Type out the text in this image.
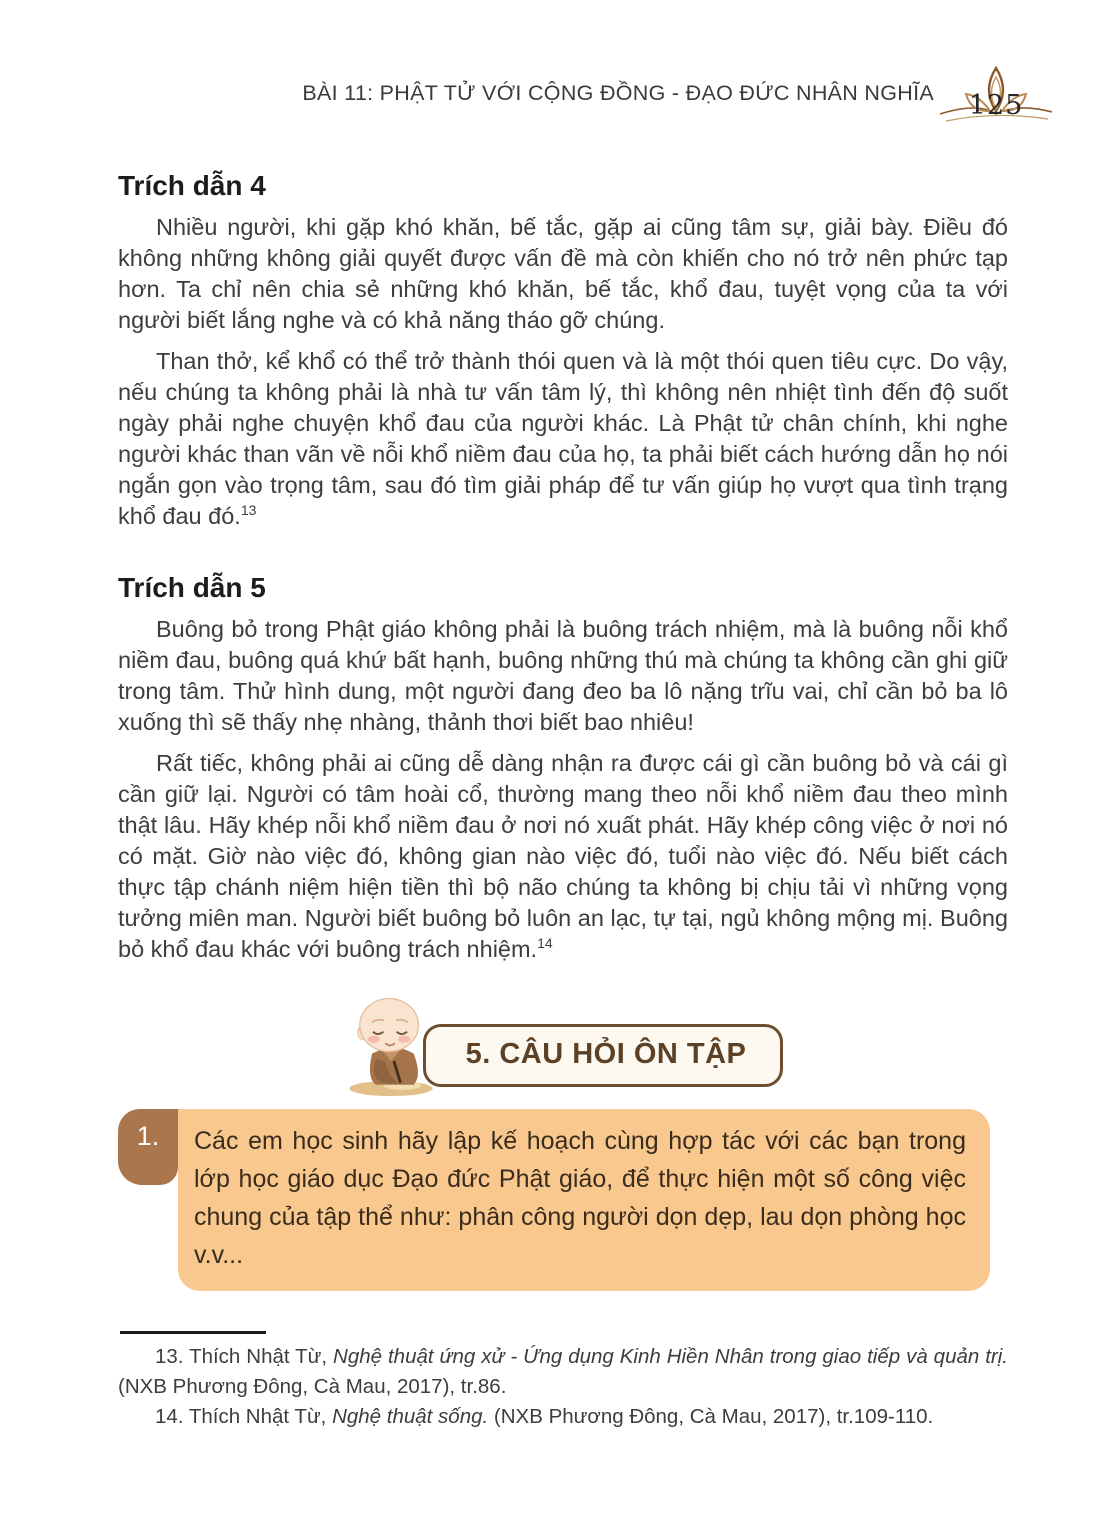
BÀI 11: PHẬT TỬ VỚI CỘNG ĐỒNG - ĐẠO ĐỨC NHÂN NGHĨA	125
Trích dẫn 4

Nhiều người, khi gặp khó khăn, bế tắc, gặp ai cũng tâm sự, giải bày. Điều đó không những không giải quyết được vấn đề mà còn khiến cho nó trở nên phức tạp hơn. Ta chỉ nên chia sẻ những khó khăn, bế tắc, khổ đau, tuyệt vọng của ta với người biết lắng nghe và có khả năng tháo gỡ chúng.

Than thở, kể khổ có thể trở thành thói quen và là một thói quen tiêu cực. Do vậy, nếu chúng ta không phải là nhà tư vấn tâm lý, thì không nên nhiệt tình đến độ suốt ngày phải nghe chuyện khổ đau của người khác. Là Phật tử chân chính, khi nghe người khác than vãn về nỗi khổ niềm đau của họ, ta phải biết cách hướng dẫn họ nói ngắn gọn vào trọng tâm, sau đó tìm giải pháp để tư vấn giúp họ vượt qua tình trạng khổ đau đó.$^{13}$

Trích dẫn 5

Buông bỏ trong Phật giáo không phải là buông trách nhiệm, mà là buông nỗi khổ niềm đau, buông quá khứ bất hạnh, buông những thú mà chúng ta không cần ghi giữ trong tâm. Thử hình dung, một người đang đeo ba lô nặng trĩu vai, chỉ cần bỏ ba lô xuống thì sẽ thấy nhẹ nhàng, thảnh thơi biết bao nhiêu!

Rất tiếc, không phải ai cũng dễ dàng nhận ra được cái gì cần buông bỏ và cái gì cần giữ lại. Người có tâm hoài cổ, thường mang theo nỗi khổ niềm đau theo mình thật lâu. Hãy khép nỗi khổ niềm đau ở nơi nó xuất phát. Hãy khép công việc ở nơi nó có mặt. Giờ nào việc đó, không gian nào việc đó, tuổi nào việc đó. Nếu biết cách thực tập chánh niệm hiện tiền thì bộ não chúng ta không bị chịu tải vì những vọng tưởng miên man. Người biết buông bỏ luôn an lạc, tự tại, ngủ không mộng mị. Buông bỏ khổ đau khác với buông trách nhiệm.$^{14}$

5. CÂU HỎI ÔN TẬP
1.	Các em học sinh hãy lập kế hoạch cùng hợp tác với các bạn trong lớp học giáo dục Đạo đức Phật giáo, để thực hiện một số công việc chung của tập thể như: phân công người dọn dẹp, lau dọn phòng học v.v...

13. Thích Nhật Từ, Nghệ thuật ứng xử - Ứng dụng Kinh Hiền Nhân trong giao tiếp và quản trị. (NXB Phương Đông, Cà Mau, 2017), tr.86.

14. Thích Nhật Từ, Nghệ thuật sống. (NXB Phương Đông, Cà Mau, 2017), tr.109-110.
